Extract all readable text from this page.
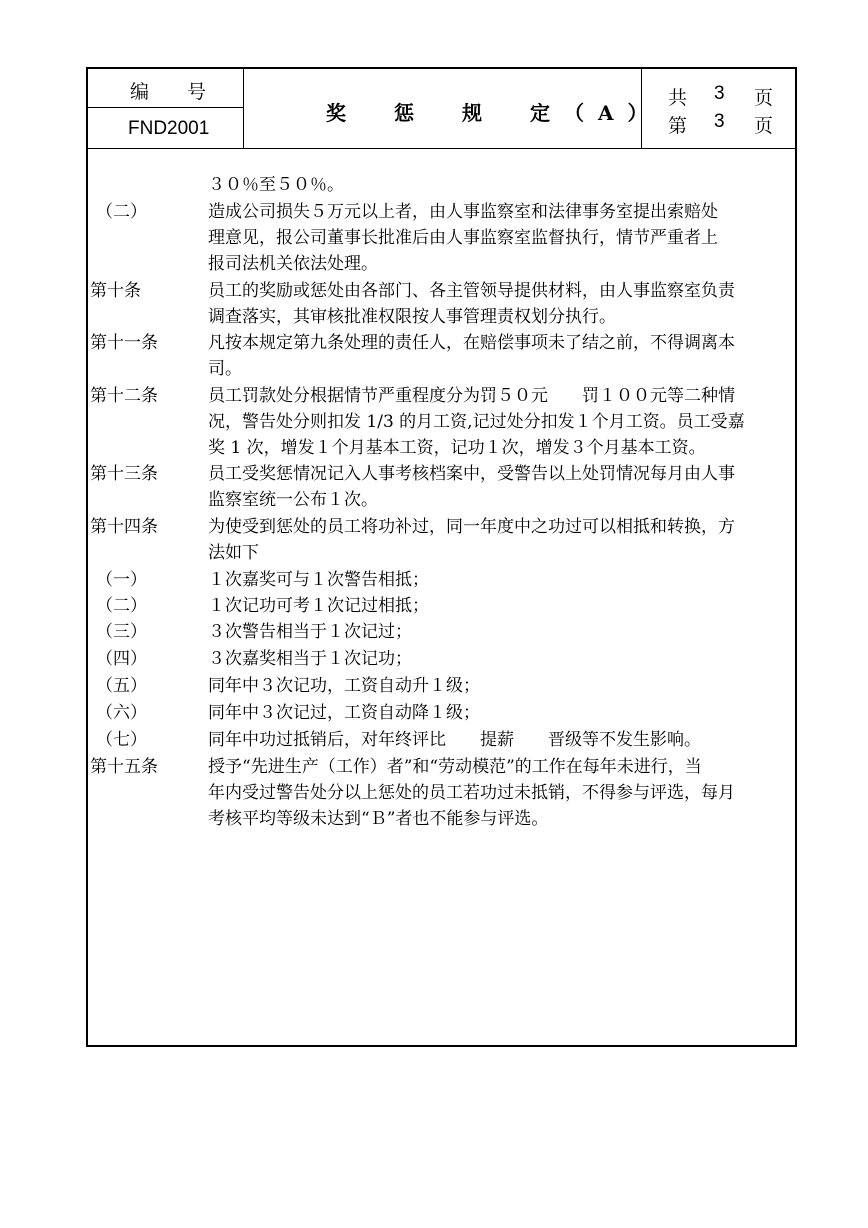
编　　号
FND2001
奖　惩　规　定（A）
共 3 页
第 3 页
３０％至５０％。
（二）	造成公司损失５万元以上者，由人事监察室和法律事务室提出索赔处
理意见，报公司董事长批准后由人事监察室监督执行，情节严重者上
报司法机关依法处理。
第十条	员工的奖励或惩处由各部门、各主管领导提供材料，由人事监察室负责
调查落实，其审核批准权限按人事管理责权划分执行。
第十一条	凡按本规定第九条处理的责任人，在赔偿事项未了结之前，不得调离本
司。
第十二条	员工罚款处分根据情节严重程度分为罚５０元　　罚１００元等二种情
况，警告处分则扣发 1/3 的月工资,记过处分扣发１个月工资。员工受嘉
奖 1 次，增发１个月基本工资，记功１次，增发３个月基本工资。
第十三条	员工受奖惩情况记入人事考核档案中，受警告以上处罚情况每月由人事
监察室统一公布１次。
第十四条	为使受到惩处的员工将功补过，同一年度中之功过可以相抵和转换，方
法如下
（一）	１次嘉奖可与１次警告相抵；
（二）	１次记功可考１次记过相抵；
（三）	３次警告相当于１次记过；
（四）	３次嘉奖相当于１次记功；
（五）	同年中３次记功，工资自动升１级；
（六）	同年中３次记过，工资自动降１级；
（七）	同年中功过抵销后，对年终评比　　提薪　　晋级等不发生影响。
第十五条	授予“先进生产（工作）者”和“劳动模范”的工作在每年未进行，当
年内受过警告处分以上惩处的员工若功过未抵销，不得参与评选，每月
考核平均等级未达到“Ｂ”者也不能参与评选。
